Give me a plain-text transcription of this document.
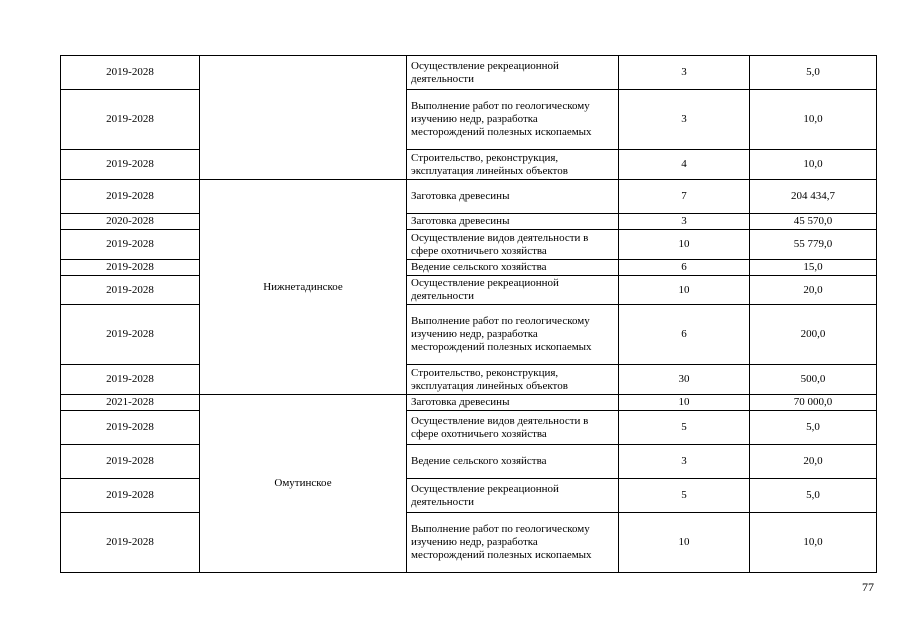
2019-2028		Осуществление рекреационной деятельности	3	5,0
2019-2028		Выполнение работ по геологическому изучению недр, разработка месторождений полезных ископаемых	3	10,0
2019-2028		Строительство, реконструкция, эксплуатация линейных объектов	4	10,0
2019-2028	Нижнетадинское	Заготовка древесины	7	204 434,7
2020-2028		Заготовка древесины	3	45 570,0
2019-2028		Осуществление видов деятельности в сфере охотничьего хозяйства	10	55 779,0
2019-2028		Ведение сельского хозяйства	6	15,0
2019-2028		Осуществление рекреационной деятельности	10	20,0
2019-2028		Выполнение работ по геологическому изучению недр, разработка месторождений полезных ископаемых	6	200,0
2019-2028		Строительство, реконструкция, эксплуатация линейных объектов	30	500,0
2021-2028	Омутинское	Заготовка древесины	10	70 000,0
2019-2028		Осуществление видов деятельности в сфере охотничьего хозяйства	5	5,0
2019-2028		Ведение сельского хозяйства	3	20,0
2019-2028		Осуществление рекреационной деятельности	5	5,0
2019-2028		Выполнение работ по геологическому изучению недр, разработка месторождений полезных ископаемых	10	10,0
77
